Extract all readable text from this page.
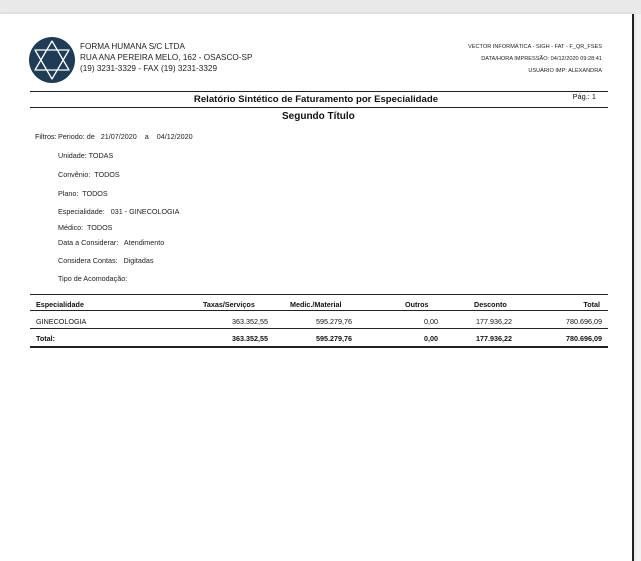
FORMA HUMANA S/C LTDA
RUA ANA PEREIRA MELO, 162 - OSASCO-SP
(19) 3231-3329 - FAX (19) 3231-3329
VECTOR INFORMÁTICA - SIGH - FAT - F_QR_FSES
DATA/HORA IMPRESSÃO: 04/12/2020 09:28:41
USUÁRIO IMP: ALEXANDRA
Relatório Sintético de Faturamento por Especialidade	Pág.: 1
Segundo Título
Filtros: Periodo: de   21/07/2020    a    04/12/2020
Unidade: TODAS
Convênio:  TODOS
Plano:  TODOS
Especialidade:   031 - GINECOLOGIA
Médico:  TODOS
Data a Considerar:   Atendimento
Considera Contas:   Digitadas
Tipo de Acomodação:
Especialidade	Taxas/Serviços	Medic./Material	Outros	Desconto	Total
GINECOLOGIA	363.352,55	595.279,76	0,00	177.936,22	780.696,09
Total:	363.352,55	595.279,76	0,00	177.936,22	780.696,09
